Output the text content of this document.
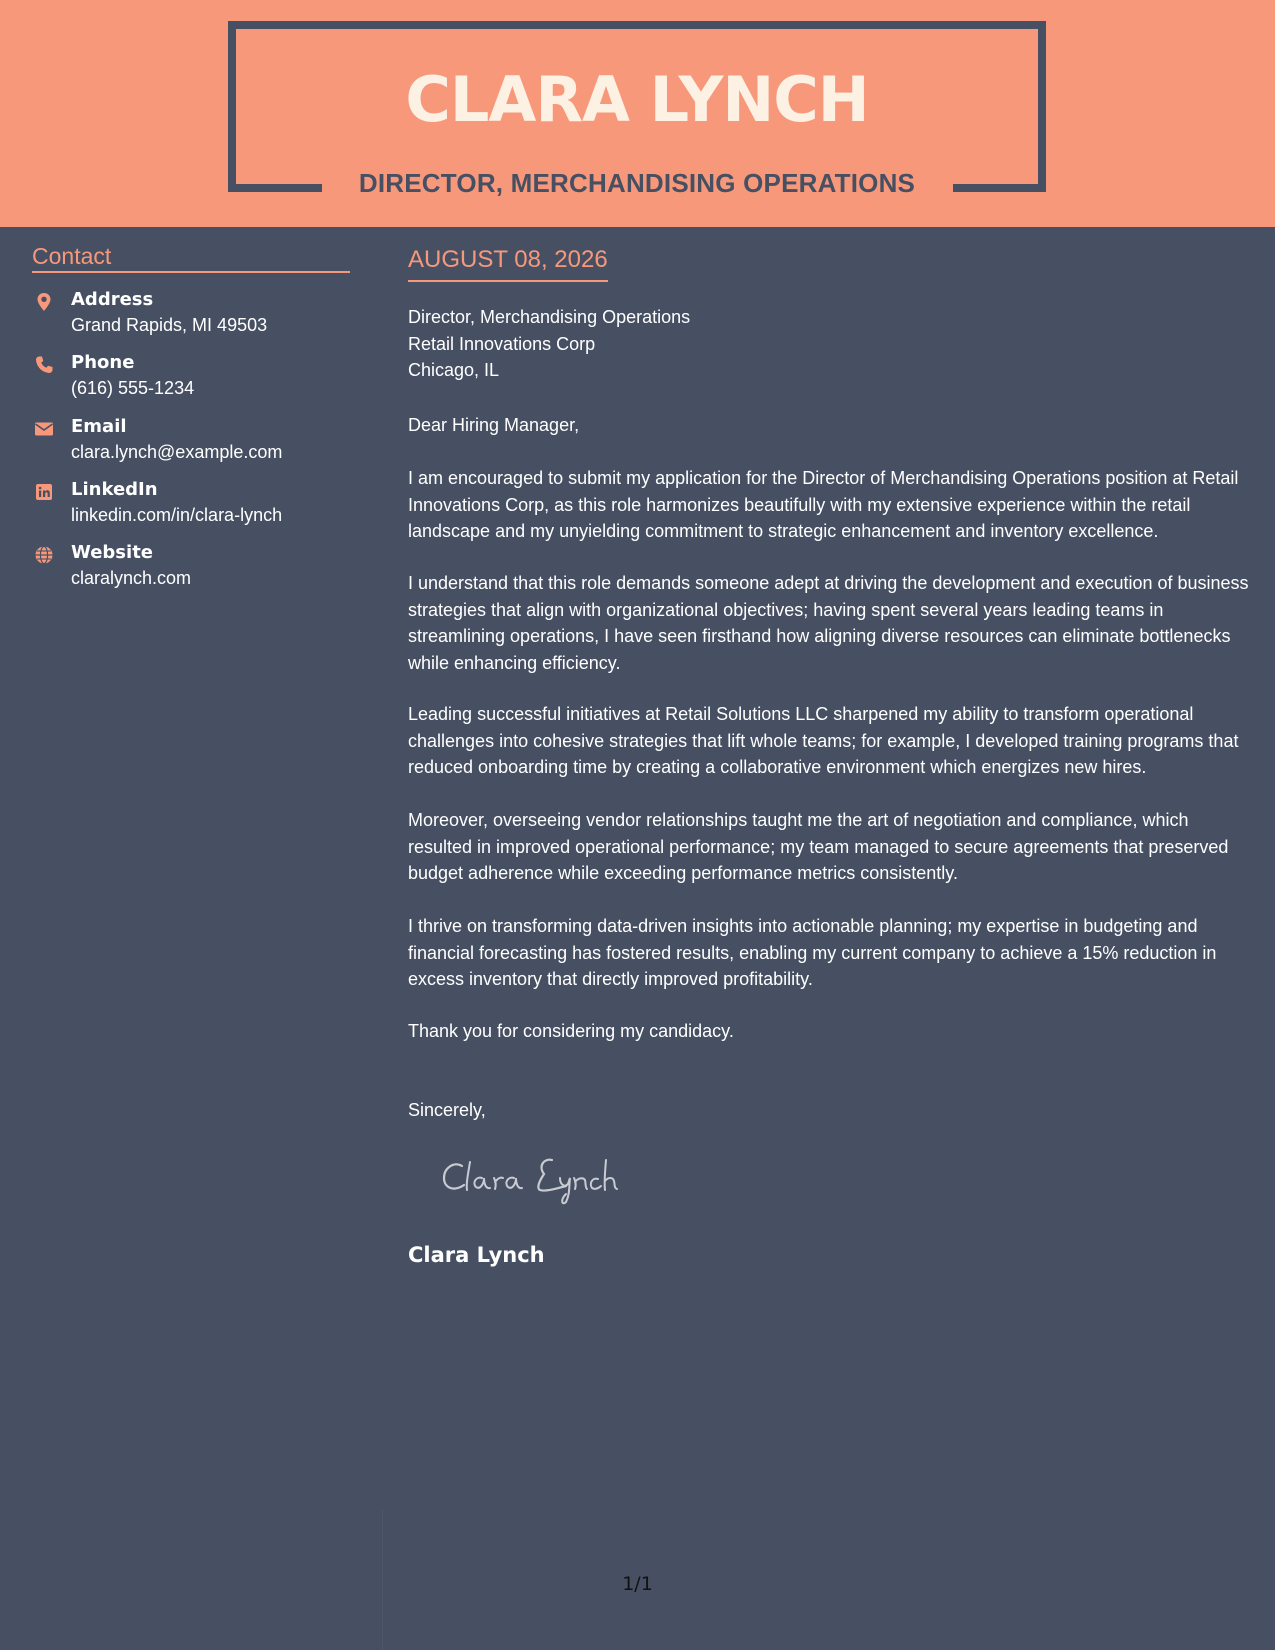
CLARA LYNCH
DIRECTOR, MERCHANDISING OPERATIONS
Contact
Address
Grand Rapids, MI 49503
Phone
(616) 555-1234
Email
clara.lynch@example.com
LinkedIn
linkedin.com/in/clara-lynch
Website
claralynch.com
AUGUST 08, 2026
Director, Merchandising Operations
Retail Innovations Corp
Chicago, IL
Dear Hiring Manager,

I am encouraged to submit my application for the Director of Merchandising Operations position at Retail Innovations Corp, as this role harmonizes beautifully with my extensive experience within the retail landscape and my unyielding commitment to strategic enhancement and inventory excellence.

I understand that this role demands someone adept at driving the development and execution of business strategies that align with organizational objectives; having spent several years leading teams in streamlining operations, I have seen firsthand how aligning diverse resources can eliminate bottlenecks while enhancing efficiency.

Leading successful initiatives at Retail Solutions LLC sharpened my ability to transform operational challenges into cohesive strategies that lift whole teams; for example, I developed training programs that reduced onboarding time by creating a collaborative environment which energizes new hires.

Moreover, overseeing vendor relationships taught me the art of negotiation and compliance, which resulted in improved operational performance; my team managed to secure agreements that preserved budget adherence while exceeding performance metrics consistently.

I thrive on transforming data-driven insights into actionable planning; my expertise in budgeting and financial forecasting has fostered results, enabling my current company to achieve a 15% reduction in excess inventory that directly improved profitability.

Thank you for considering my candidacy.

Sincerely,
Clara Lynch
1/1
